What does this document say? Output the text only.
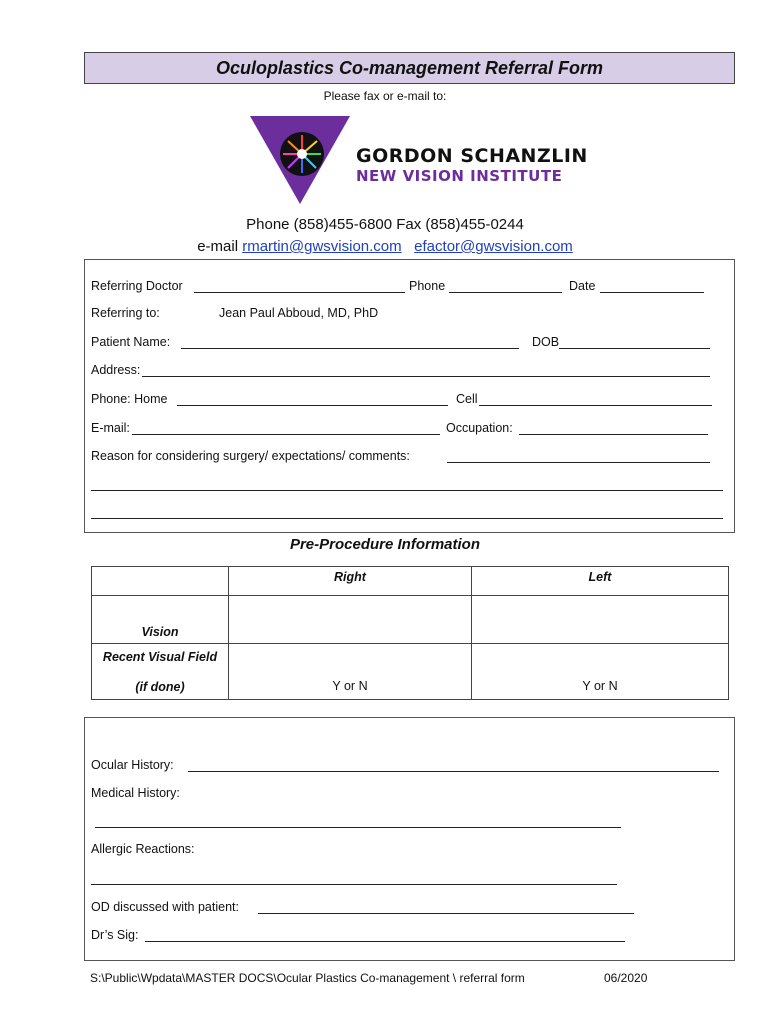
Oculoplastics Co-management Referral Form
Please fax or e-mail to:
GORDON SCHANZLIN
NEW VISION INSTITUTE
Phone (858)455-6800 Fax (858)455-0244
e-mail rmartin@gwsvision.com efactor@gwsvision.com
Referring Doctor	Phone	Date
Referring to:	Jean Paul Abboud, MD, PhD
Patient Name:	DOB
Address:
Phone: Home	Cell
E-mail:	Occupation:
Reason for considering surgery/ expectations/ comments:
Pre-Procedure Information
	Right	Left
Vision		

Recent Visual Field
(if done)	Y or N	Y or N
Ocular History:
Medical History:
Allergic Reactions:
OD discussed with patient:
Dr’s Sig:
S:\Public\Wpdata\MASTER DOCS\Ocular Plastics Co-management \ referral form	06/2020
